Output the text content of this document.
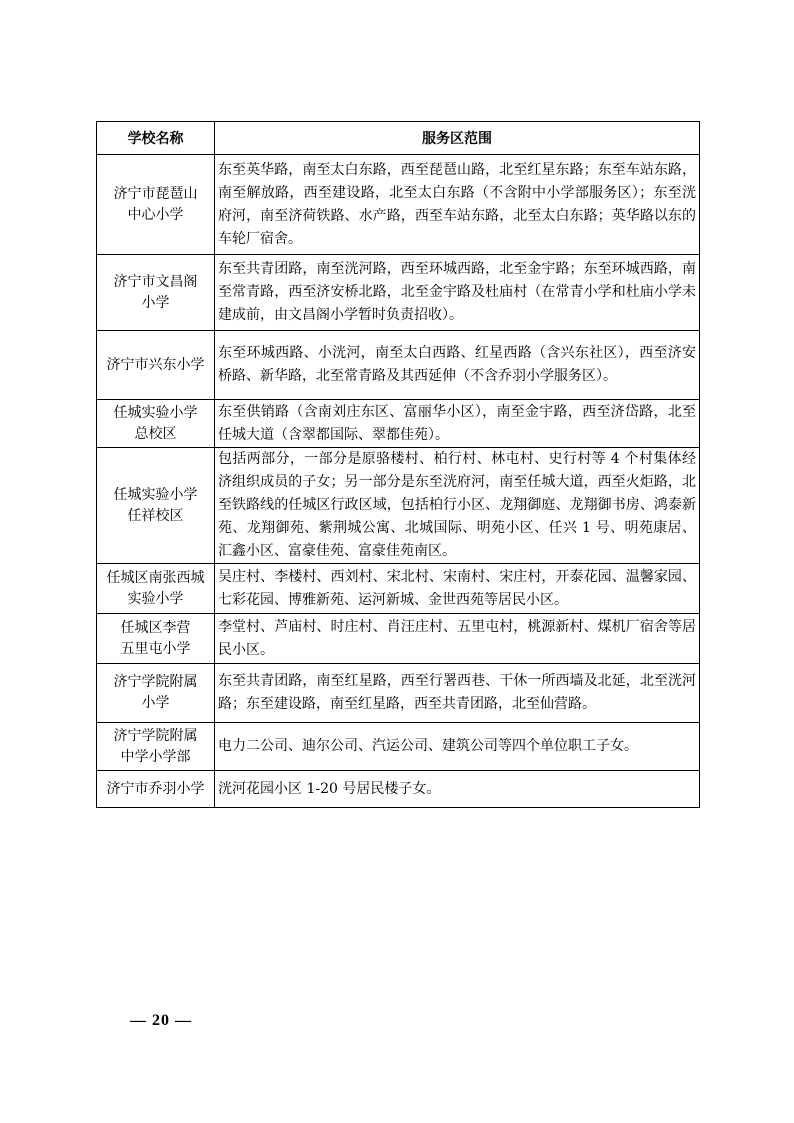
学校名称	服务区范围
济宁市琵琶山
中心小学	东至英华路，南至太白东路，西至琵琶山路，北至红星东路；东至车站东路，南至解放路，西至建设路，北至太白东路（不含附中小学部服务区）；东至洸府河，南至济荷铁路、水产路，西至车站东路，北至太白东路；英华路以东的车轮厂宿舍。
济宁市文昌阁
小学	东至共青团路，南至洸河路，西至环城西路，北至金宇路；东至环城西路，南至常青路，西至济安桥北路，北至金宇路及杜庙村（在常青小学和杜庙小学未建成前，由文昌阁小学暂时负责招收）。
济宁市兴东小学	东至环城西路、小洸河，南至太白西路、红星西路（含兴东社区），西至济安桥路、新华路，北至常青路及其西延伸（不含乔羽小学服务区）。
任城实验小学
总校区	东至供销路（含南刘庄东区、富丽华小区），南至金宇路，西至济岱路，北至任城大道（含翠都国际、翠都佳苑）。
任城实验小学
任祥校区	包括两部分，一部分是原骆楼村、柏行村、林屯村、史行村等 4 个村集体经济组织成员的子女；另一部分是东至洸府河，南至任城大道，西至火炬路，北至铁路线的任城区行政区域，包括柏行小区、龙翔御庭、龙翔御书房、鸿泰新苑、龙翔御苑、紫荆城公寓、北城国际、明苑小区、任兴 1 号、明苑康居、汇鑫小区、富豪佳苑、富豪佳苑南区。
任城区南张西城
实验小学	吴庄村、李楼村、西刘村、宋北村、宋南村、宋庄村，开泰花园、温馨家园、七彩花园、博雅新苑、运河新城、金世西苑等居民小区。
任城区李营
五里屯小学	李堂村、芦庙村、时庄村、肖汪庄村、五里屯村，桃源新村、煤机厂宿舍等居民小区。
济宁学院附属
小学	东至共青团路，南至红星路，西至行署西巷、干休一所西墙及北延，北至洸河路；东至建设路，南至红星路，西至共青团路，北至仙营路。
济宁学院附属
中学小学部	电力二公司、迪尔公司、汽运公司、建筑公司等四个单位职工子女。
济宁市乔羽小学	洸河花园小区 1-20 号居民楼子女。
— 20 —
